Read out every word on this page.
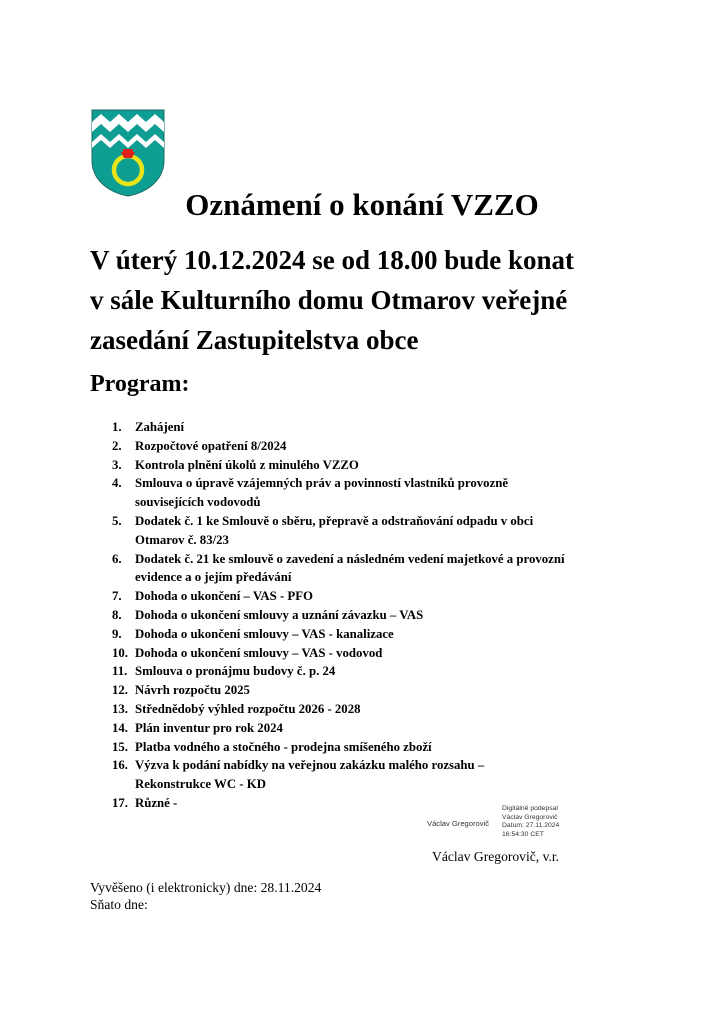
Oznámení o konání VZZO
V úterý 10.12.2024 se od 18.00 bude konat
v sále Kulturního domu Otmarov veřejné
zasedání Zastupitelstva obce
Program:
1. Zahájení
2. Rozpočtové opatření 8/2024
3. Kontrola plnění úkolů z minulého VZZO
4. Smlouva o úpravě vzájemných práv a povinností vlastníků provozně
souvisejících vodovodů
5. Dodatek č. 1 ke Smlouvě o sběru, přepravě a odstraňování odpadu v obci
Otmarov č. 83/23
6. Dodatek č. 21 ke smlouvě o zavedení a následném vedení majetkové a provozní
evidence a o jejím předávání
7. Dohoda o ukončení – VAS - PFO
8. Dohoda o ukončení smlouvy a uznání závazku – VAS
9. Dohoda o ukončení smlouvy – VAS - kanalizace
10. Dohoda o ukončení smlouvy – VAS - vodovod
11. Smlouva o pronájmu budovy č. p. 24
12. Návrh rozpočtu 2025
13. Střednědobý výhled rozpočtu 2026 - 2028
14. Plán inventur pro rok 2024
15. Platba vodného a stočného - prodejna smíšeného zboží
16. Výzva k podání nabídky na veřejnou zakázku malého rozsahu –
Rekonstrukce WC - KD
17. Různé -
Václav Gregorovič
Digitálně podepsal
Václav Gregorovič
Datum: 27.11.2024
16:54:30 CET
Václav Gregorovič, v.r.
Vyvěšeno (i elektronicky) dne: 28.11.2024
Sňato dne:
